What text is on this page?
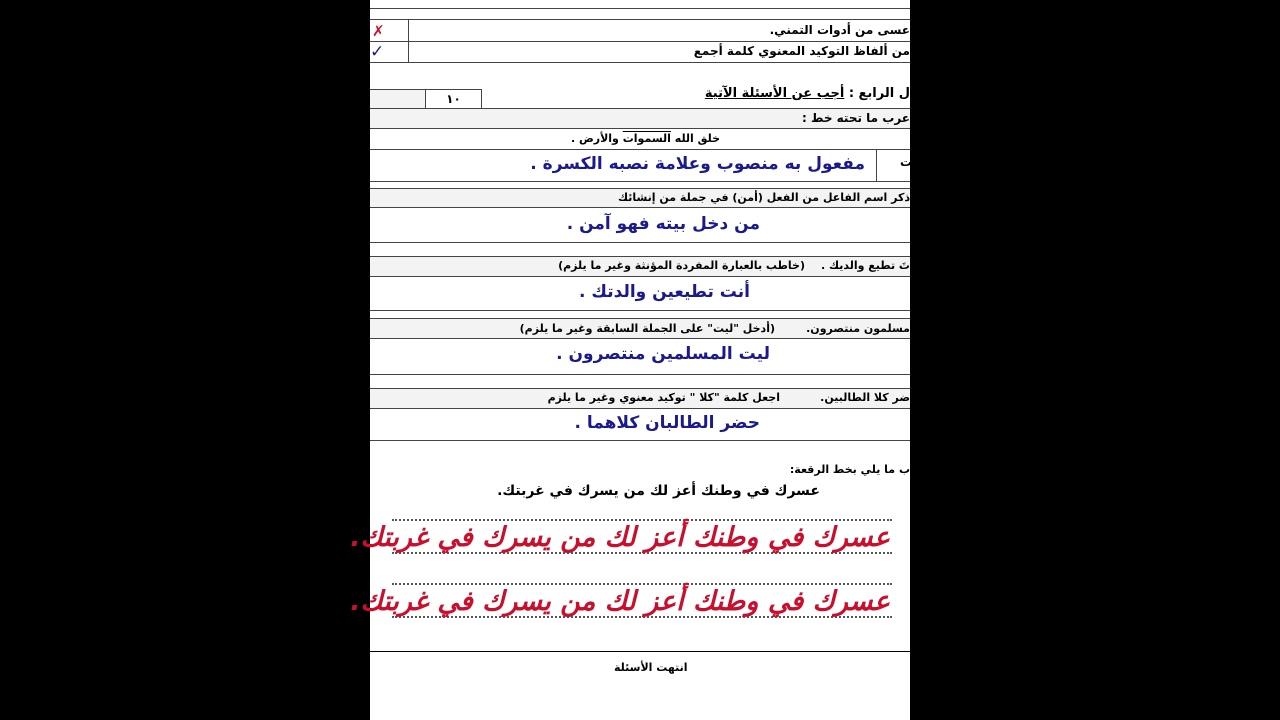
✗
✓
عسى من أدوات التمني.
من ألفاظ التوكيد المعنوي كلمة أجمع
ل الرابع : أجب عن الأسئلة الآتية
١٠
عرب ما تحته خط :
خلق الله السموات والأرض .
ت
مفعول به منصوب وعلامة نصبه الكسرة .
ذكر اسم الفاعل من الفعل (أمن) في جملة من إنشائك
من دخل بيته فهو آمن .
تَ تطيع والديك .
(خاطب بالعبارة المفردة المؤنثة وغير ما يلزم)
أنت تطيعين والدتك .
مسلمون منتصرون.
(أدخل "ليت" على الجملة السابقة وغير ما يلزم)
ليت المسلمين منتصرون .
ضر كلا الطالبين.
اجعل كلمة "كلا " توكيد معنوي وغير ما يلزم
حضر الطالبان كلاهما .
ب ما يلي بخط الرقعة:
عسرك في وطنك أعز لك من يسرك في غربتك.
عسرك في وطنك أعز لك من يسرك في غربتك.
عسرك في وطنك أعز لك من يسرك في غربتك.
انتهت الأسئلة
